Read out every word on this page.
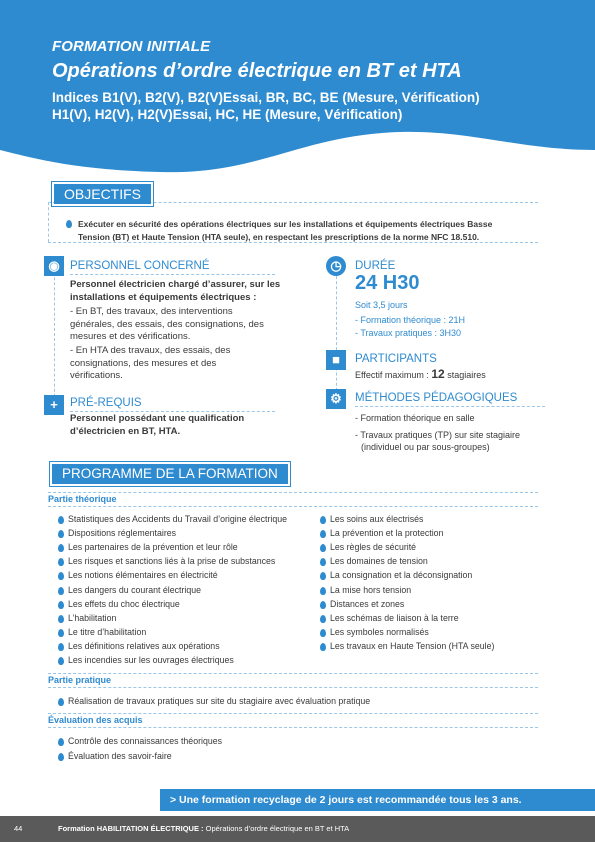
FORMATION INITIALE
Opérations d’ordre électrique en BT et HTA
Indices B1(V), B2(V), B2(V)Essai, BR, BC, BE (Mesure, Vérification)
H1(V), H2(V), H2(V)Essai, HC, HE (Mesure, Vérification)
OBJECTIFS
Exécuter en sécurité des opérations électriques sur les installations et équipements électriques Basse Tension (BT) et Haute Tension (HTA seule), en respectant les prescriptions de la norme NFC 18.510.
◉ PERSONNEL CONCERNÉ
Personnel électricien chargé d’assurer, sur les installations et équipements électriques :
- En BT, des travaux, des interventions générales, des essais, des consignations, des mesures et des vérifications.
- En HTA des travaux, des essais, des consignations, des mesures et des vérifications.
+	PRÉ-REQUIS
Personnel possédant une qualification d’électricien en BT, HTA.
◷	DURÉE
24 H30
Soit 3,5 jours
- Formation théorique : 21H
- Travaux pratiques : 3H30
■	PARTICIPANTS
Effectif maximum : 12 stagiaires
⚙	MÉTHODES PÉDAGOGIQUES
- Formation théorique en salle
- Travaux pratiques (TP) sur site stagiaire
(individuel ou par sous-groupes)
PROGRAMME DE LA FORMATION
Partie théorique
Statistiques des Accidents du Travail d’origine électrique
Dispositions réglementaires
Les partenaires de la prévention et leur rôle
Les risques et sanctions liés à la prise de substances
Les notions élémentaires en électricité
Les dangers du courant électrique
Les effets du choc électrique
L’habilitation
Le titre d’habilitation
Les définitions relatives aux opérations
Les incendies sur les ouvrages électriques
Les soins aux électrisés
La prévention et la protection
Les règles de sécurité
Les domaines de tension
La consignation et la déconsignation
La mise hors tension
Distances et zones
Les schémas de liaison à la terre
Les symboles normalisés
Les travaux en Haute Tension (HTA seule)
Partie pratique
Réalisation de travaux pratiques sur site du stagiaire avec évaluation pratique
Évaluation des acquis
Contrôle des connaissances théoriques
Évaluation des savoir-faire
> Une formation recyclage de 2 jours est recommandée tous les 3 ans.
44	Formation HABILITATION ÉLECTRIQUE : Opérations d’ordre électrique en BT et HTA
